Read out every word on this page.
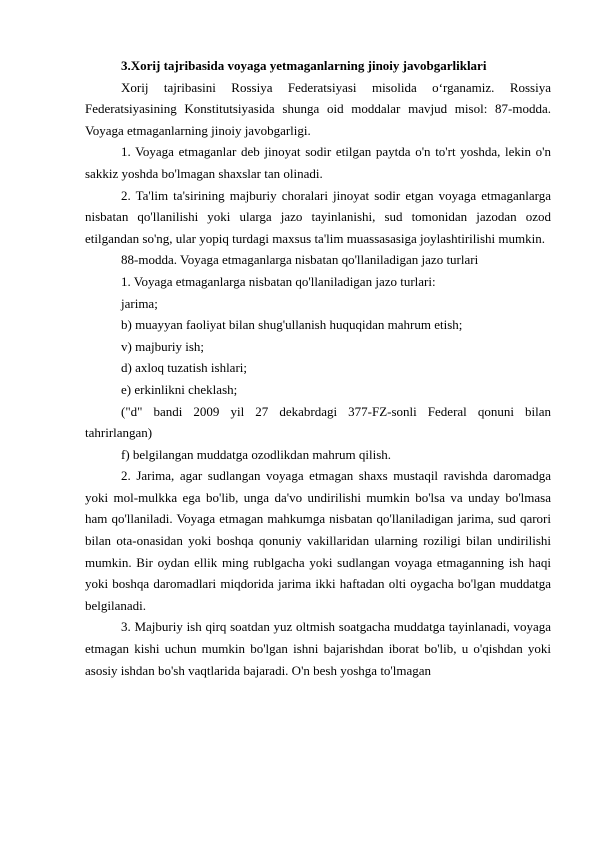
3.Xorij tajribasida voyaga yetmaganlarning jinoiy javobgarliklari

Xorij tajribasini Rossiya Federatsiyasi misolida o‘rganamiz. Rossiya Federatsiyasining Konstitutsiyasida shunga oid moddalar mavjud misol: 87-modda. Voyaga etmaganlarning jinoiy javobgarligi.

1. Voyaga etmaganlar deb jinoyat sodir etilgan paytda o'n to'rt yoshda, lekin o'n sakkiz yoshda bo'lmagan shaxslar tan olinadi.

2. Ta'lim ta'sirining majburiy choralari jinoyat sodir etgan voyaga etmaganlarga nisbatan qo'llanilishi yoki ularga jazo tayinlanishi, sud tomonidan jazodan ozod etilgandan so'ng, ular yopiq turdagi maxsus ta'lim muassasasiga joylashtirilishi mumkin.

88-modda. Voyaga etmaganlarga nisbatan qo'llaniladigan jazo turlari

1. Voyaga etmaganlarga nisbatan qo'llaniladigan jazo turlari:

jarima;

b) muayyan faoliyat bilan shug'ullanish huquqidan mahrum etish;

v) majburiy ish;

d) axloq tuzatish ishlari;

e) erkinlikni cheklash;

("d" bandi 2009 yil 27 dekabrdagi 377-FZ-sonli Federal qonuni bilan tahrirlangan)

f) belgilangan muddatga ozodlikdan mahrum qilish.

2. Jarima, agar sudlangan voyaga etmagan shaxs mustaqil ravishda daromadga yoki mol-mulkka ega bo'lib, unga da'vo undirilishi mumkin bo'lsa va unday bo'lmasa ham qo'llaniladi. Voyaga etmagan mahkumga nisbatan qo'llaniladigan jarima, sud qarori bilan ota-onasidan yoki boshqa qonuniy vakillaridan ularning roziligi bilan undirilishi mumkin. Bir oydan ellik ming rublgacha yoki sudlangan voyaga etmaganning ish haqi yoki boshqa daromadlari miqdorida jarima ikki haftadan olti oygacha bo'lgan muddatga belgilanadi.

3. Majburiy ish qirq soatdan yuz oltmish soatgacha muddatga tayinlanadi, voyaga etmagan kishi uchun mumkin bo'lgan ishni bajarishdan iborat bo'lib, u o'qishdan yoki asosiy ishdan bo'sh vaqtlarida bajaradi. O'n besh yoshga to'lmagan
